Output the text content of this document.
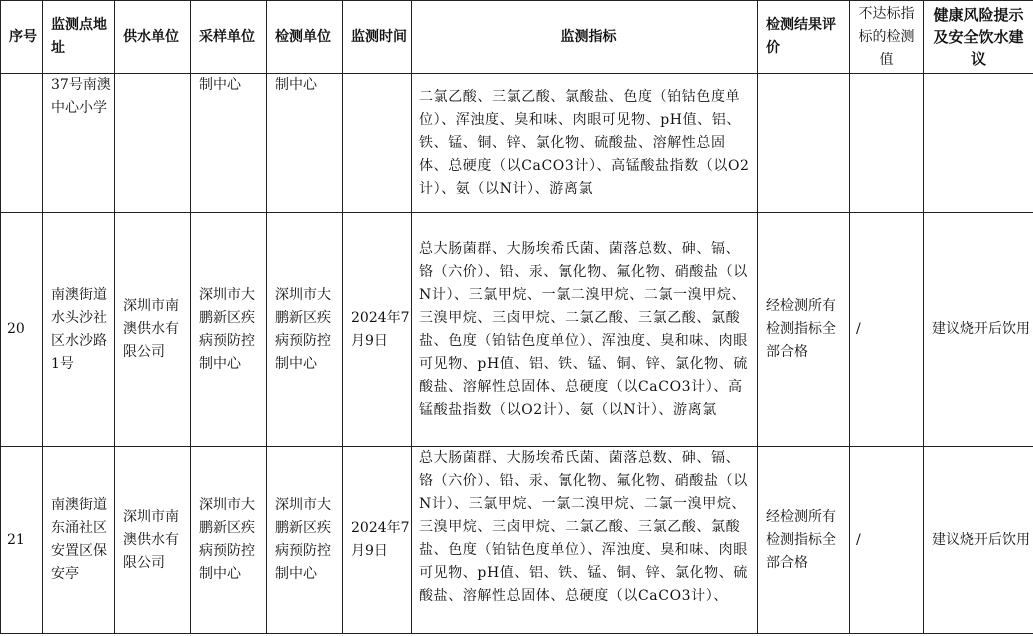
序号	监测点地址	供水单位	采样单位	检测单位	监测时间	监测指标	检测结果评价	不达标指标的检测值	健康风险提示及安全饮水建议
	37号南澳中心小学		制中心	制中心		二氯乙酸、三氯乙酸、氯酸盐、色度（铂钴色度单位）、浑浊度、臭和味、肉眼可见物、pH值、铝、铁、锰、铜、锌、氯化物、硫酸盐、溶解性总固体、总硬度（以CaCO3计）、高锰酸盐指数（以O2计）、氨（以N计）、游离氯			
20	南澳街道水头沙社区水沙路1号	深圳市南澳供水有限公司	深圳市大鹏新区疾病预防控制中心	深圳市大鹏新区疾病预防控制中心	2024年7月9日	总大肠菌群、大肠埃希氏菌、菌落总数、砷、镉、铬（六价）、铅、汞、氰化物、氟化物、硝酸盐（以N计）、三氯甲烷、一氯二溴甲烷、二氯一溴甲烷、三溴甲烷、三卤甲烷、二氯乙酸、三氯乙酸、氯酸盐、色度（铂钴色度单位）、浑浊度、臭和味、肉眼可见物、pH值、铝、铁、锰、铜、锌、氯化物、硫酸盐、溶解性总固体、总硬度（以CaCO3计）、高锰酸盐指数（以O2计）、氨（以N计）、游离氯	经检测所有检测指标全部合格	/	建议烧开后饮用
21	南澳街道东涌社区安置区保安亭	深圳市南澳供水有限公司	深圳市大鹏新区疾病预防控制中心	深圳市大鹏新区疾病预防控制中心	2024年7月9日	总大肠菌群、大肠埃希氏菌、菌落总数、砷、镉、铬（六价）、铅、汞、氰化物、氟化物、硝酸盐（以N计）、三氯甲烷、一氯二溴甲烷、二氯一溴甲烷、三溴甲烷、三卤甲烷、二氯乙酸、三氯乙酸、氯酸盐、色度（铂钴色度单位）、浑浊度、臭和味、肉眼可见物、pH值、铝、铁、锰、铜、锌、氯化物、硫酸盐、溶解性总固体、总硬度（以CaCO3计）、	经检测所有检测指标全部合格	/	建议烧开后饮用
